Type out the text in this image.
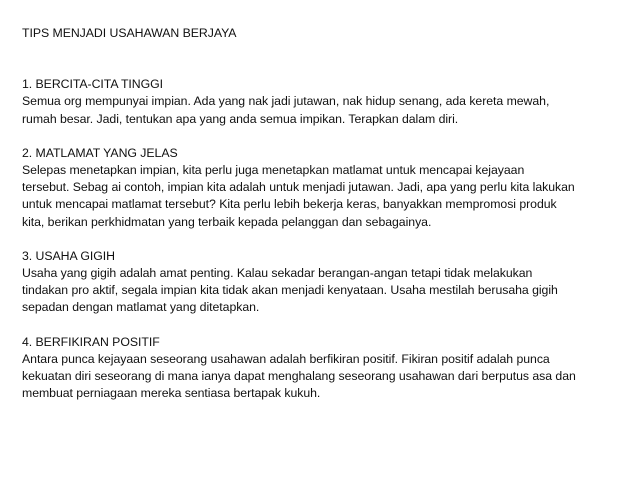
TIPS MENJADI USAHAWAN BERJAYA
1. BERCITA-CITA TINGGI
Semua org mempunyai impian. Ada yang nak jadi jutawan, nak hidup senang, ada kereta mewah,
rumah besar. Jadi, tentukan apa yang anda semua impikan. Terapkan dalam diri.
2. MATLAMAT YANG JELAS
Selepas menetapkan impian, kita perlu juga menetapkan matlamat untuk mencapai kejayaan
tersebut. Sebag ai contoh, impian kita adalah untuk menjadi jutawan. Jadi, apa yang perlu kita lakukan
untuk mencapai matlamat tersebut? Kita perlu lebih bekerja keras, banyakkan mempromosi produk
kita, berikan perkhidmatan yang terbaik kepada pelanggan dan sebagainya.
3. USAHA GIGIH
Usaha yang gigih adalah amat penting. Kalau sekadar berangan-angan tetapi tidak melakukan
tindakan pro aktif, segala impian kita tidak akan menjadi kenyataan. Usaha mestilah berusaha gigih
sepadan dengan matlamat yang ditetapkan.
4. BERFIKIRAN POSITIF
Antara punca kejayaan seseorang usahawan adalah berfikiran positif. Fikiran positif adalah punca
kekuatan diri seseorang di mana ianya dapat menghalang seseorang usahawan dari berputus asa dan
membuat perniagaan mereka sentiasa bertapak kukuh.
